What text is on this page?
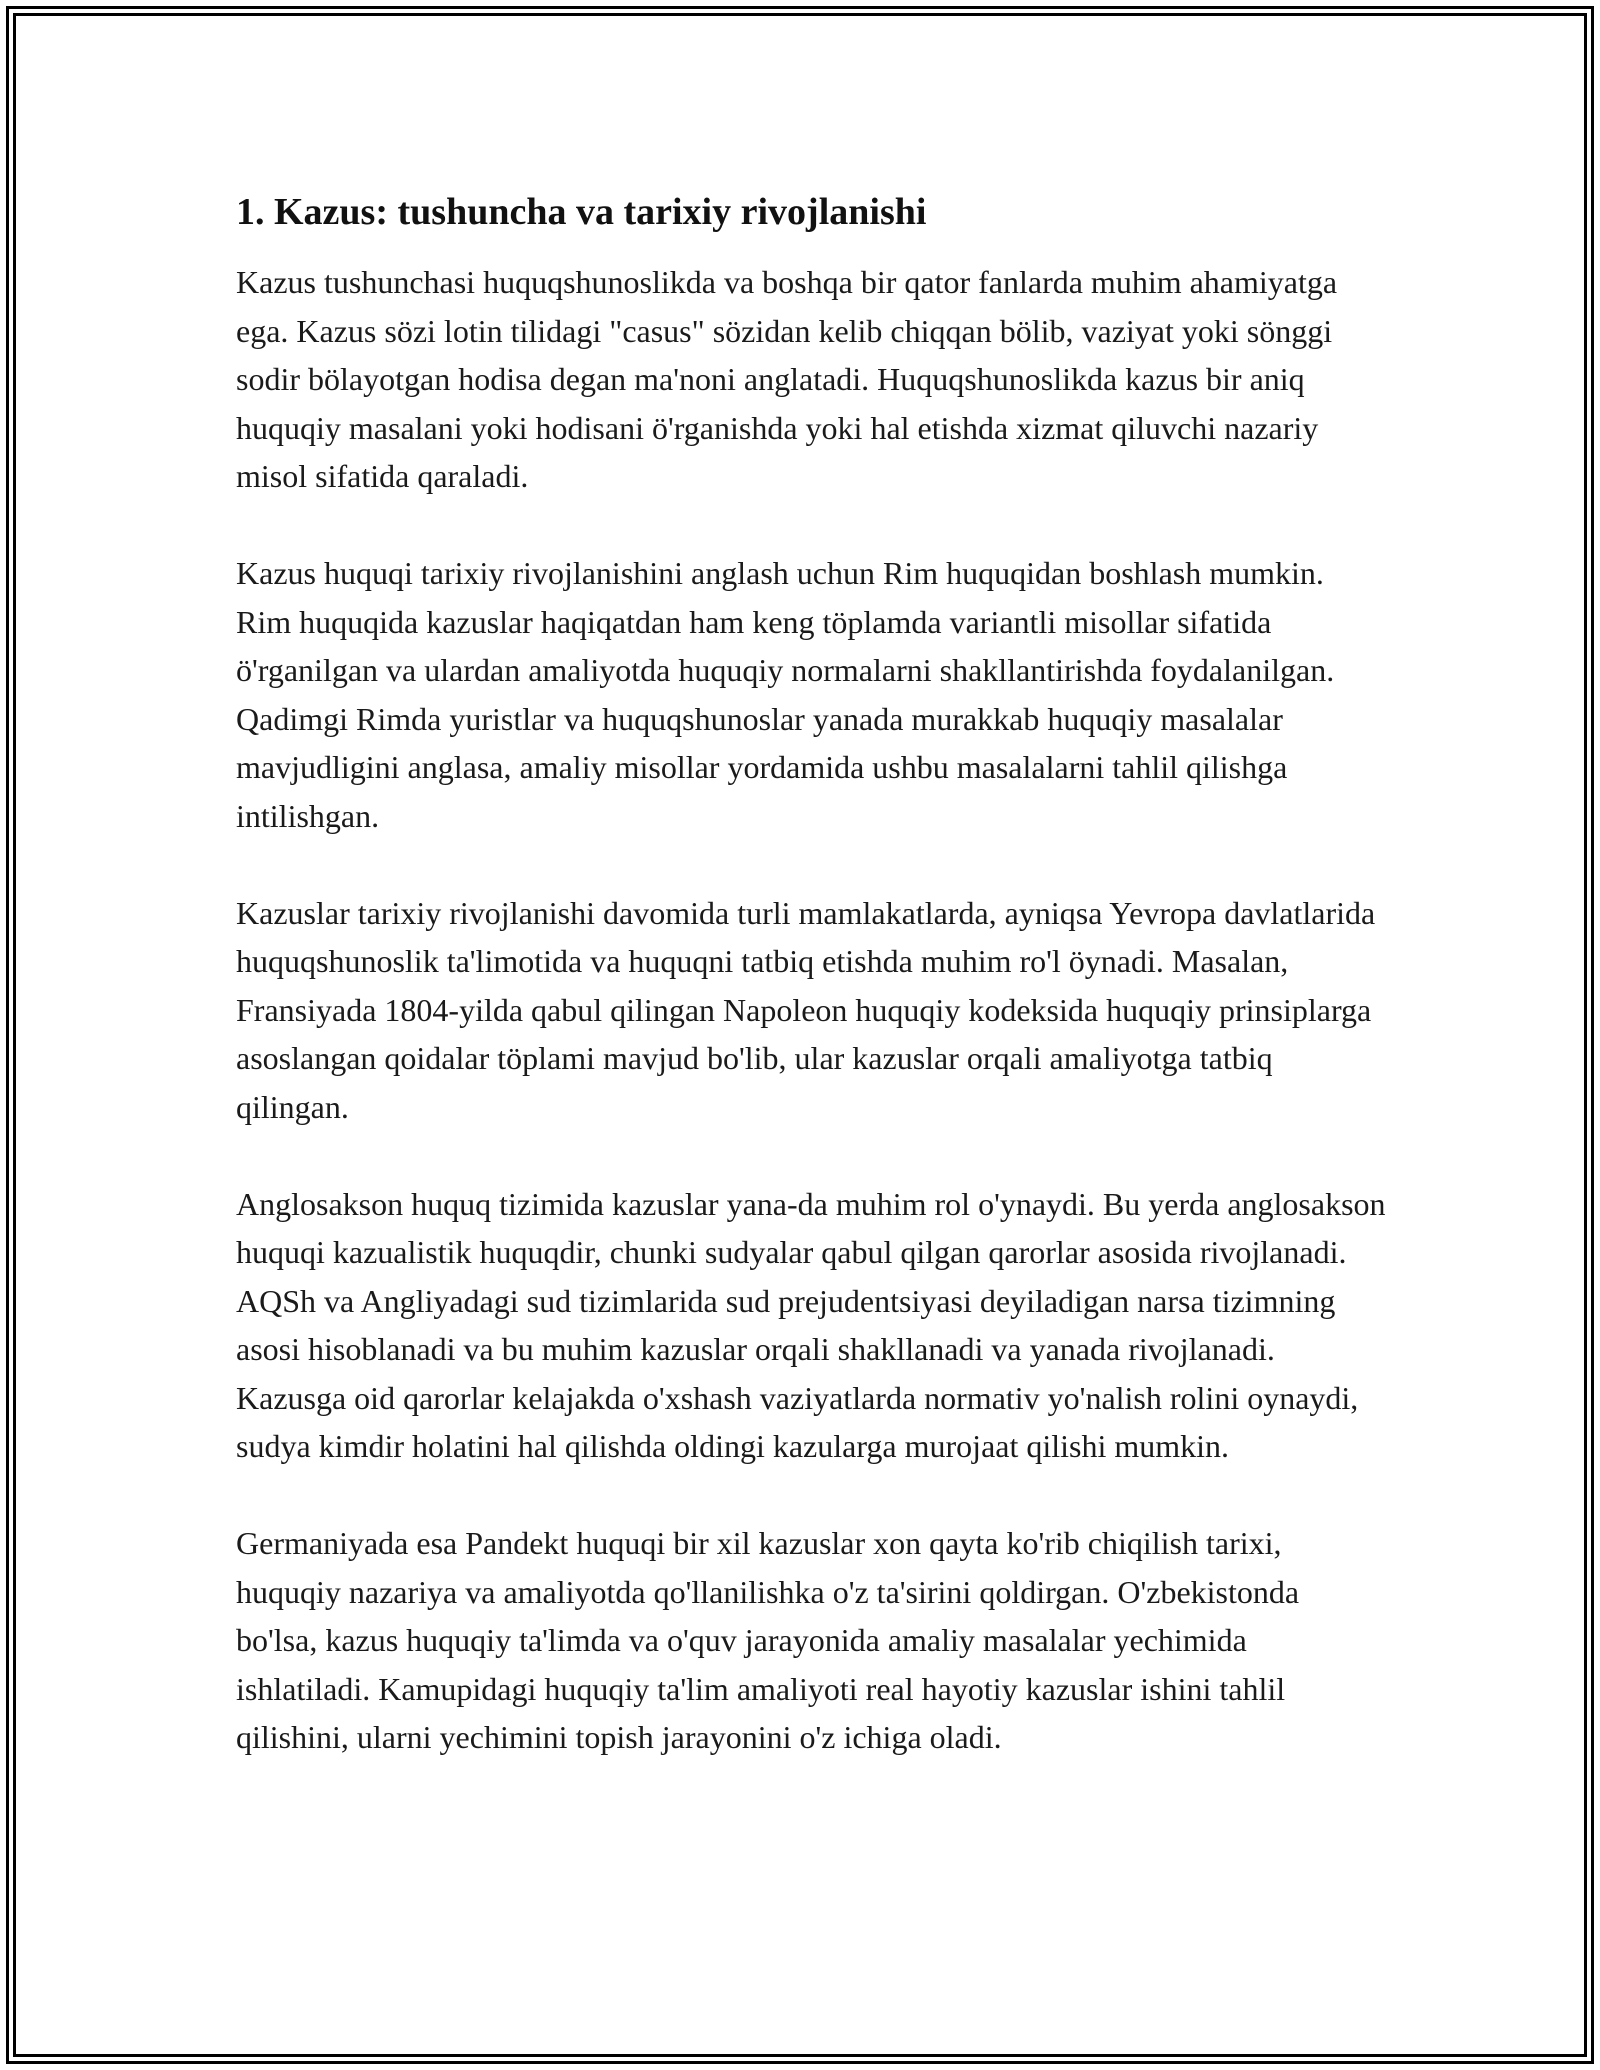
1. Kazus: tushuncha va tarixiy rivojlanishi

Kazus tushunchasi huquqshunoslikda va boshqa bir qator fanlarda muhim ahamiyatga ega. Kazus sözi lotin tilidagi "casus" sözidan kelib chiqqan bölib, vaziyat yoki sönggi sodir bölayotgan hodisa degan ma'noni anglatadi. Huquqshunoslikda kazus bir aniq huquqiy masalani yoki hodisani ö'rganishda yoki hal etishda xizmat qiluvchi nazariy misol sifatida qaraladi.

Kazus huquqi tarixiy rivojlanishini anglash uchun Rim huquqidan boshlash mumkin. Rim huquqida kazuslar haqiqatdan ham keng töplamda variantli misollar sifatida ö'rganilgan va ulardan amaliyotda huquqiy normalarni shakllantirishda foydalanilgan. Qadimgi Rimda yuristlar va huquqshunoslar yanada murakkab huquqiy masalalar mavjudligini anglasa, amaliy misollar yordamida ushbu masalalarni tahlil qilishga intilishgan.

Kazuslar tarixiy rivojlanishi davomida turli mamlakatlarda, ayniqsa Yevropa davlatlarida huquqshunoslik ta'limotida va huquqni tatbiq etishda muhim ro'l öynadi. Masalan, Fransiyada 1804-yilda qabul qilingan Napoleon huquqiy kodeksida huquqiy prinsiplarga asoslangan qoidalar töplami mavjud bo'lib, ular kazuslar orqali amaliyotga tatbiq qilingan.

Anglosakson huquq tizimida kazuslar yana-da muhim rol o'ynaydi. Bu yerda anglosakson huquqi kazualistik huquqdir, chunki sudyalar qabul qilgan qarorlar asosida rivojlanadi. AQSh va Angliyadagi sud tizimlarida sud prejudentsiyasi deyiladigan narsa tizimning asosi hisoblanadi va bu muhim kazuslar orqali shakllanadi va yanada rivojlanadi. Kazusga oid qarorlar kelajakda o'xshash vaziyatlarda normativ yo'nalish rolini oynaydi, sudya kimdir holatini hal qilishda oldingi kazularga murojaat qilishi mumkin.

Germaniyada esa Pandekt huquqi bir xil kazuslar xon qayta ko'rib chiqilish tarixi, huquqiy nazariya va amaliyotda qo'llanilishka o'z ta'sirini qoldirgan. O'zbekistonda bo'lsa, kazus huquqiy ta'limda va o'quv jarayonida amaliy masalalar yechimida ishlatiladi. Kamupidagi huquqiy ta'lim amaliyoti real hayotiy kazuslar ishini tahlil qilishini, ularni yechimini topish jarayonini o'z ichiga oladi.
